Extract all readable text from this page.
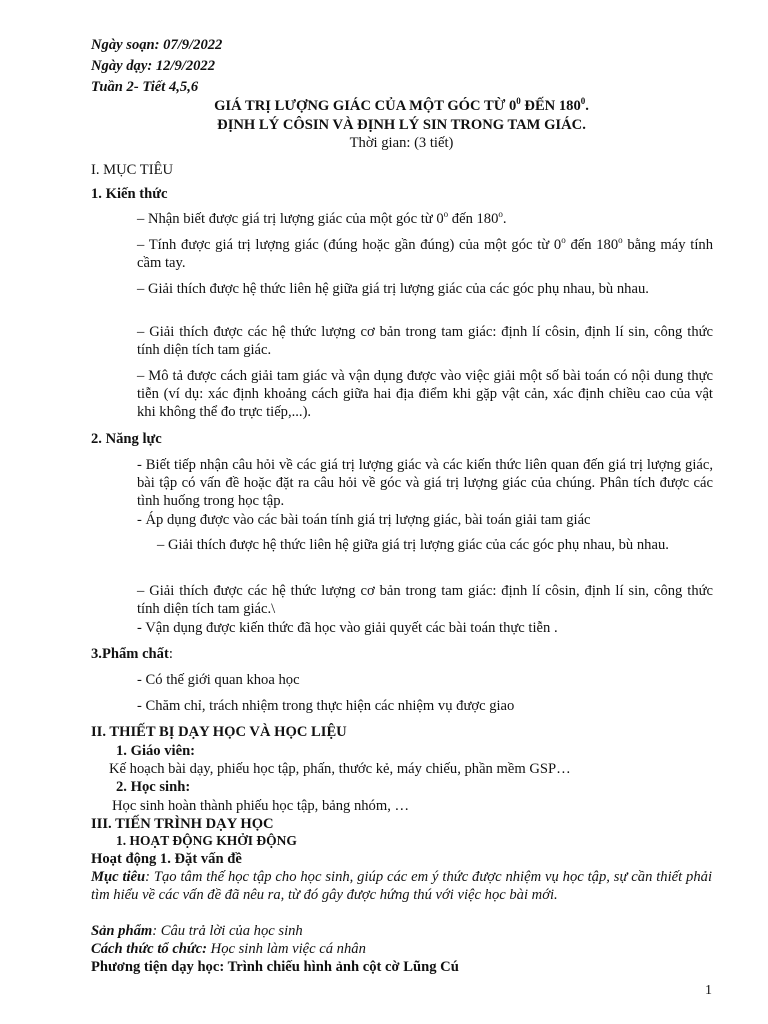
Ngày soạn: 07/9/2022
Ngày dạy: 12/9/2022
Tuần 2- Tiết 4,5,6
GIÁ TRỊ LƯỢNG GIÁC CỦA MỘT GÓC TỪ $0^0$ ĐẾN $180^0$.
ĐỊNH LÝ CÔSIN VÀ ĐỊNH LÝ SIN TRONG TAM GIÁC.
Thời gian: (3 tiết)
I. MỤC TIÊU
1. Kiến thức
– Nhận biết được giá trị lượng giác của một góc từ 0$^o$ đến 180$^o$.
– Tính được giá trị lượng giác (đúng hoặc gần đúng) của một góc từ 0$^o$ đến 180$^o$ bằng máy tính cầm tay.
– Giải thích được hệ thức liên hệ giữa giá trị lượng giác của các góc phụ nhau, bù nhau.
– Giải thích được các hệ thức lượng cơ bản trong tam giác: định lí côsin, định lí sin, công thức tính diện tích tam giác.
– Mô tả được cách giải tam giác và vận dụng được vào việc giải một số bài toán có nội dung thực tiễn (ví dụ: xác định khoảng cách giữa hai địa điểm khi gặp vật cản, xác định chiều cao của vật khi không thể đo trực tiếp,...).
2. Năng lực
- Biết tiếp nhận câu hỏi về các giá trị lượng giác và các kiến thức liên quan đến giá trị lượng giác, bài tập có vấn đề hoặc đặt ra câu hỏi về góc và giá trị lượng giác của chúng. Phân tích được các tình huống trong học tập.
- Áp dụng được vào các bài toán tính giá trị lượng giác, bài toán giải tam giác
– Giải thích được hệ thức liên hệ giữa giá trị lượng giác của các góc phụ nhau, bù nhau.
– Giải thích được các hệ thức lượng cơ bản trong tam giác: định lí côsin, định lí sin, công thức tính diện tích tam giác.\
- Vận dụng được kiến thức đã học vào giải quyết các bài toán thực tiễn .
3.Phẩm chất:
- Có thế giới quan khoa học
- Chăm chỉ, trách nhiệm trong thực hiện các nhiệm vụ được giao
II. THIẾT BỊ DẠY HỌC VÀ HỌC LIỆU
1. Giáo viên:
Kế hoạch bài dạy, phiếu học tập, phấn, thước kẻ, máy chiếu, phần mềm GSP…
2. Học sinh:
Học sinh hoàn thành phiếu học tập, bảng nhóm, …
III. TIẾN TRÌNH DẠY HỌC
1. HOẠT ĐỘNG KHỞI ĐỘNG
Hoạt động 1. Đặt vấn đề
Mục tiêu: Tạo tâm thế học tập cho học sinh, giúp các em ý thức được nhiệm vụ học tập, sự cần thiết phải tìm hiểu về các vấn đề đã nêu ra, từ đó gây được hứng thú với việc học bài mới.
Sản phẩm: Câu trả lời của học sinh
Cách thức tổ chức: Học sinh làm việc cá nhân
Phương tiện dạy học: Trình chiếu hình ảnh cột cờ Lũng Cú
1
